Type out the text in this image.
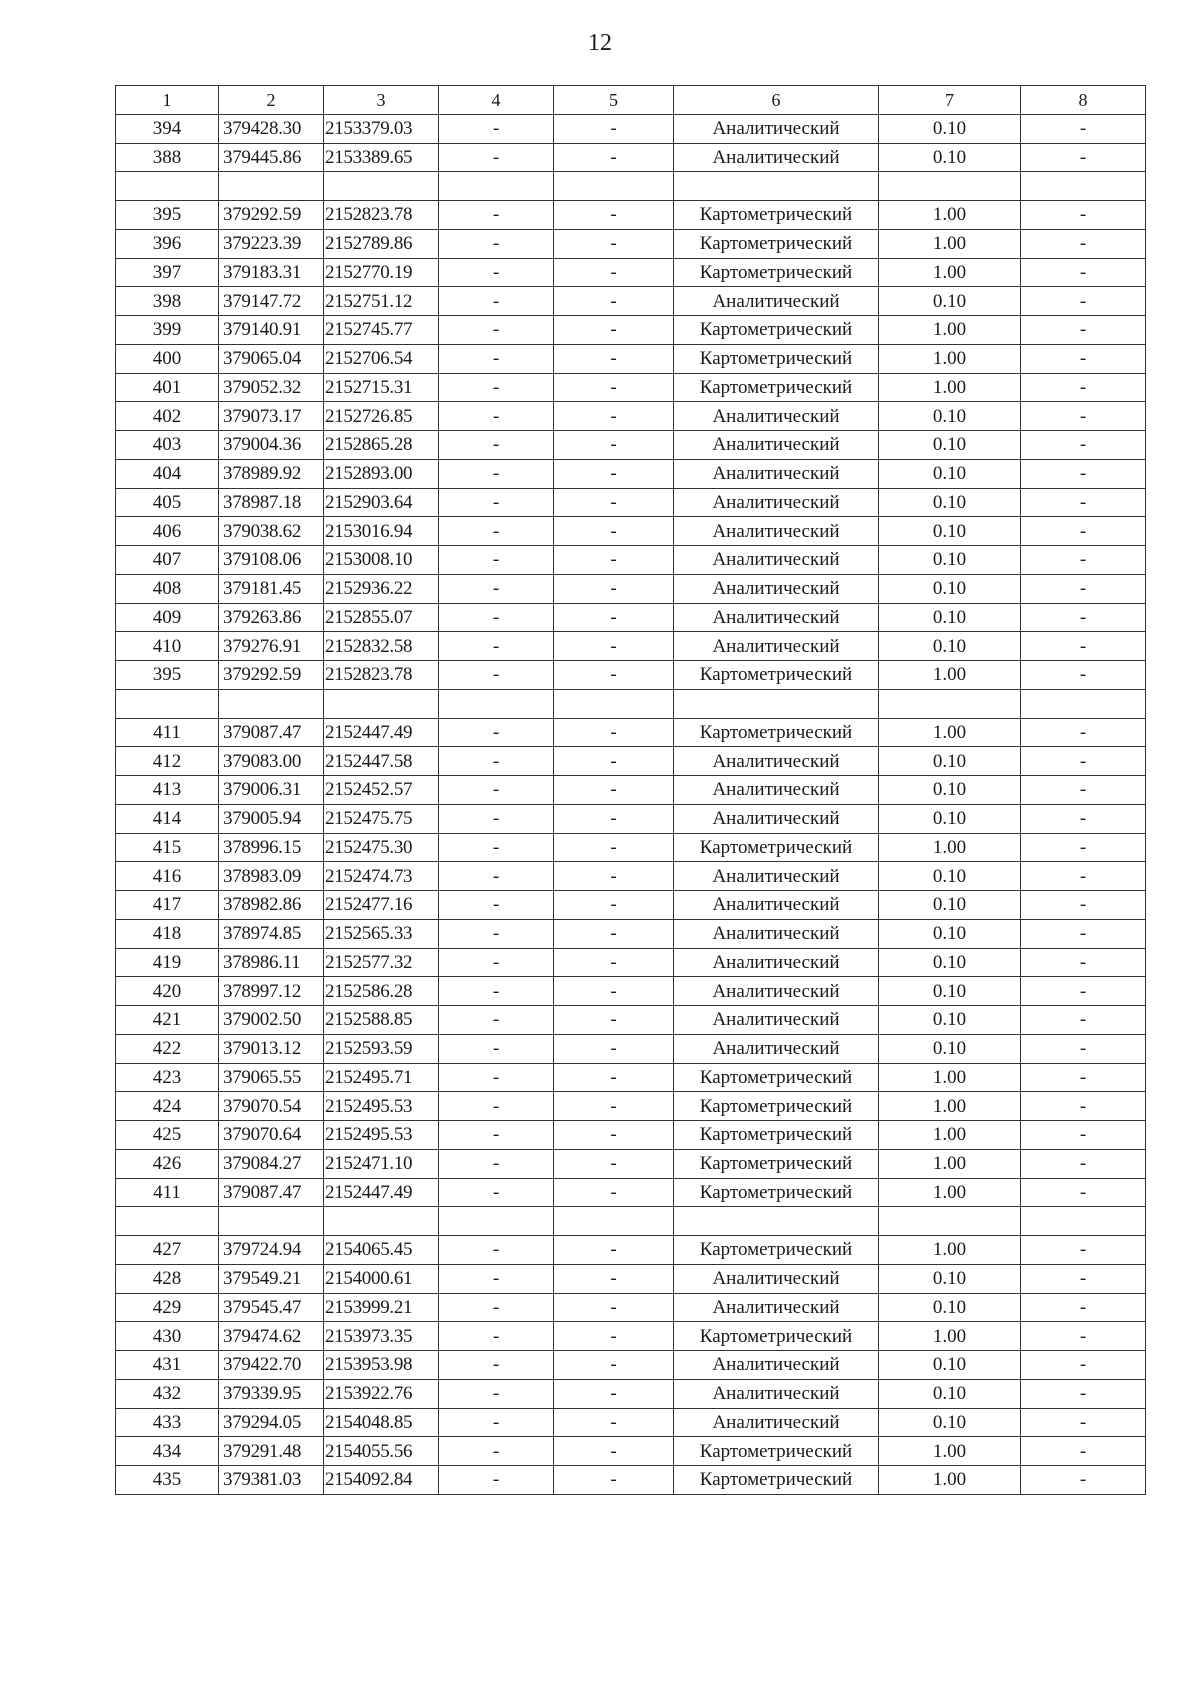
12
1	2	3	4	5	6	7	8
394	379428.30	2153379.03	-	-	Аналитический	0.10	-
388	379445.86	2153389.65	-	-	Аналитический	0.10	-

395	379292.59	2152823.78	-	-	Картометрический	1.00	-
396	379223.39	2152789.86	-	-	Картометрический	1.00	-
397	379183.31	2152770.19	-	-	Картометрический	1.00	-
398	379147.72	2152751.12	-	-	Аналитический	0.10	-
399	379140.91	2152745.77	-	-	Картометрический	1.00	-
400	379065.04	2152706.54	-	-	Картометрический	1.00	-
401	379052.32	2152715.31	-	-	Картометрический	1.00	-
402	379073.17	2152726.85	-	-	Аналитический	0.10	-
403	379004.36	2152865.28	-	-	Аналитический	0.10	-
404	378989.92	2152893.00	-	-	Аналитический	0.10	-
405	378987.18	2152903.64	-	-	Аналитический	0.10	-
406	379038.62	2153016.94	-	-	Аналитический	0.10	-
407	379108.06	2153008.10	-	-	Аналитический	0.10	-
408	379181.45	2152936.22	-	-	Аналитический	0.10	-
409	379263.86	2152855.07	-	-	Аналитический	0.10	-
410	379276.91	2152832.58	-	-	Аналитический	0.10	-
395	379292.59	2152823.78	-	-	Картометрический	1.00	-

411	379087.47	2152447.49	-	-	Картометрический	1.00	-
412	379083.00	2152447.58	-	-	Аналитический	0.10	-
413	379006.31	2152452.57	-	-	Аналитический	0.10	-
414	379005.94	2152475.75	-	-	Аналитический	0.10	-
415	378996.15	2152475.30	-	-	Картометрический	1.00	-
416	378983.09	2152474.73	-	-	Аналитический	0.10	-
417	378982.86	2152477.16	-	-	Аналитический	0.10	-
418	378974.85	2152565.33	-	-	Аналитический	0.10	-
419	378986.11	2152577.32	-	-	Аналитический	0.10	-
420	378997.12	2152586.28	-	-	Аналитический	0.10	-
421	379002.50	2152588.85	-	-	Аналитический	0.10	-
422	379013.12	2152593.59	-	-	Аналитический	0.10	-
423	379065.55	2152495.71	-	-	Картометрический	1.00	-
424	379070.54	2152495.53	-	-	Картометрический	1.00	-
425	379070.64	2152495.53	-	-	Картометрический	1.00	-
426	379084.27	2152471.10	-	-	Картометрический	1.00	-
411	379087.47	2152447.49	-	-	Картометрический	1.00	-

427	379724.94	2154065.45	-	-	Картометрический	1.00	-
428	379549.21	2154000.61	-	-	Аналитический	0.10	-
429	379545.47	2153999.21	-	-	Аналитический	0.10	-
430	379474.62	2153973.35	-	-	Картометрический	1.00	-
431	379422.70	2153953.98	-	-	Аналитический	0.10	-
432	379339.95	2153922.76	-	-	Аналитический	0.10	-
433	379294.05	2154048.85	-	-	Аналитический	0.10	-
434	379291.48	2154055.56	-	-	Картометрический	1.00	-
435	379381.03	2154092.84	-	-	Картометрический	1.00	-
